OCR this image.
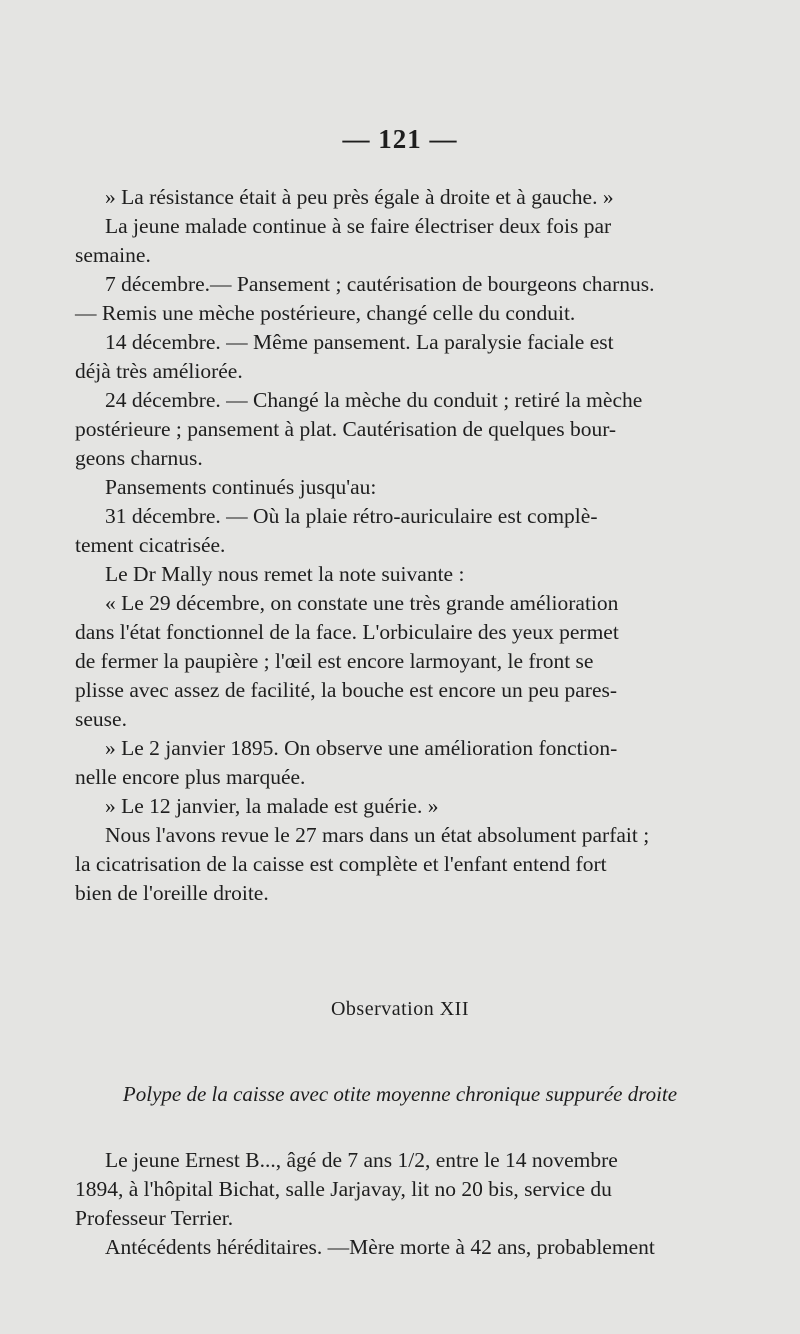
— 121 —
» La résistance était à peu près égale à droite et à gauche. »
La jeune malade continue à se faire électriser deux fois par
semaine.
7 décembre.— Pansement ; cautérisation de bourgeons charnus.
— Remis une mèche postérieure, changé celle du conduit.
14 décembre. — Même pansement. La paralysie faciale est
déjà très améliorée.
24 décembre. — Changé la mèche du conduit ; retiré la mèche
postérieure ; pansement à plat. Cautérisation de quelques bour-
geons charnus.
Pansements continués jusqu'au:
31 décembre. — Où la plaie rétro-auriculaire est complè-
tement cicatrisée.
Le Dr Mally nous remet la note suivante :
« Le 29 décembre, on constate une très grande amélioration
dans l'état fonctionnel de la face. L'orbiculaire des yeux permet
de fermer la paupière ; l'œil est encore larmoyant, le front se
plisse avec assez de facilité, la bouche est encore un peu pares-
seuse.
» Le 2 janvier 1895. On observe une amélioration fonction-
nelle encore plus marquée.
» Le 12 janvier, la malade est guérie. »
Nous l'avons revue le 27 mars dans un état absolument parfait ;
la cicatrisation de la caisse est complète et l'enfant entend fort
bien de l'oreille droite.
Observation XII
Polype de la caisse avec otite moyenne chronique suppurée droite
Le jeune Ernest B..., âgé de 7 ans 1/2, entre le 14 novembre
1894, à l'hôpital Bichat, salle Jarjavay, lit no 20 bis, service du
Professeur Terrier.
Antécédents héréditaires. —Mère morte à 42 ans, probablement
